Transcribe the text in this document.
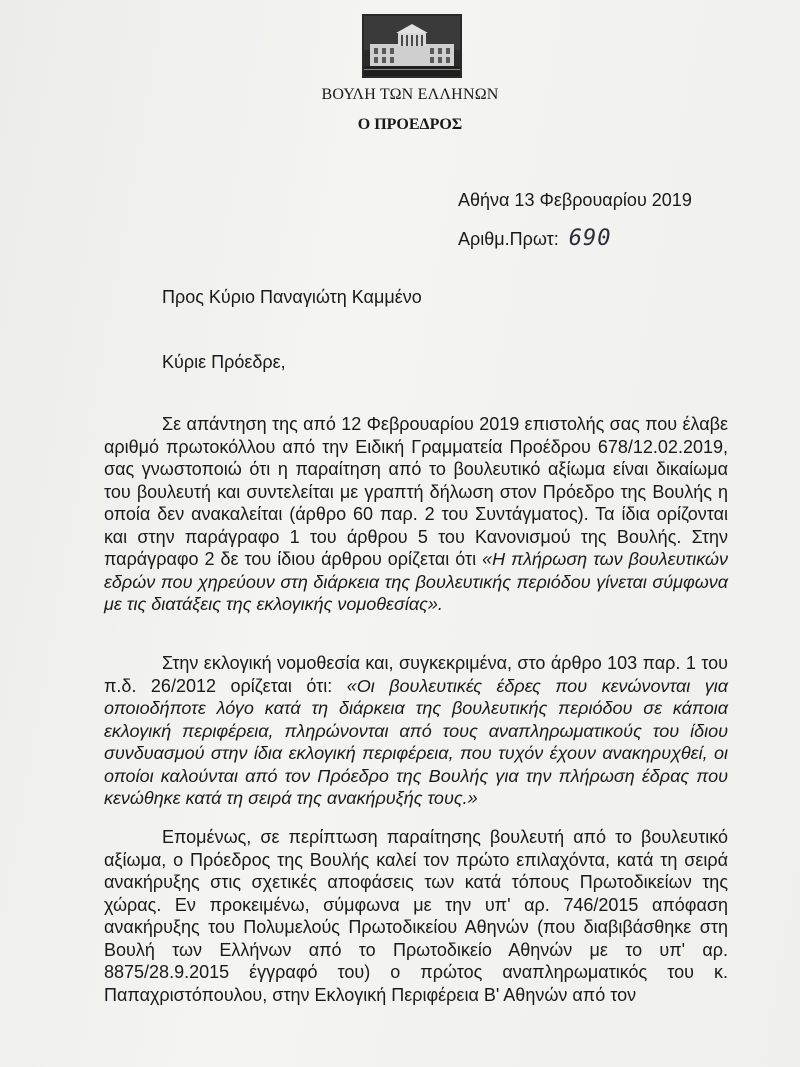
ΒΟΥΛΗ ΤΩΝ ΕΛΛΗΝΩΝ
Ο ΠΡΟΕΔΡΟΣ
Αθήνα 13 Φεβρουαρίου 2019
Αριθμ.Πρωτ: 690
Προς Κύριο Παναγιώτη Καμμένο
Κύριε Πρόεδρε,
Σε απάντηση της από 12 Φεβρουαρίου 2019 επιστολής σας που έλαβε αριθμό πρωτοκόλλου από την Ειδική Γραμματεία Προέδρου 678/12.02.2019, σας γνωστοποιώ ότι η παραίτηση από το βουλευτικό αξίωμα είναι δικαίωμα του βουλευτή και συντελείται με γραπτή δήλωση στον Πρόεδρο της Βουλής η οποία δεν ανακαλείται (άρθρο 60 παρ. 2 του Συντάγματος). Τα ίδια ορίζονται και στην παράγραφο 1 του άρθρου 5 του Κανονισμού της Βουλής. Στην παράγραφο 2 δε του ίδιου άρθρου ορίζεται ότι «Η πλήρωση των βουλευτικών εδρών που χηρεύουν στη διάρκεια της βουλευτικής περιόδου γίνεται σύμφωνα με τις διατάξεις της εκλογικής νομοθεσίας».
Στην εκλογική νομοθεσία και, συγκεκριμένα, στο άρθρο 103 παρ. 1 του π.δ. 26/2012 ορίζεται ότι: «Οι βουλευτικές έδρες που κενώνονται για οποιοδήποτε λόγο κατά τη διάρκεια της βουλευτικής περιόδου σε κάποια εκλογική περιφέρεια, πληρώνονται από τους αναπληρωματικούς του ίδιου συνδυασμού στην ίδια εκλογική περιφέρεια, που τυχόν έχουν ανακηρυχθεί, οι οποίοι καλούνται από τον Πρόεδρο της Βουλής για την πλήρωση έδρας που κενώθηκε κατά τη σειρά της ανακήρυξής τους.»
Επομένως, σε περίπτωση παραίτησης βουλευτή από το βουλευτικό αξίωμα, ο Πρόεδρος της Βουλής καλεί τον πρώτο επιλαχόντα, κατά τη σειρά ανακήρυξης στις σχετικές αποφάσεις των κατά τόπους Πρωτοδικείων της χώρας. Εν προκειμένω, σύμφωνα με την υπ' αρ. 746/2015 απόφαση ανακήρυξης του Πολυμελούς Πρωτοδικείου Αθηνών (που διαβιβάσθηκε στη Βουλή των Ελλήνων από το Πρωτοδικείο Αθηνών με το υπ' αρ. 8875/28.9.2015 έγγραφό του) ο πρώτος αναπληρωματικός του κ. Παπαχριστόπουλου, στην Εκλογική Περιφέρεια Β' Αθηνών από τον
